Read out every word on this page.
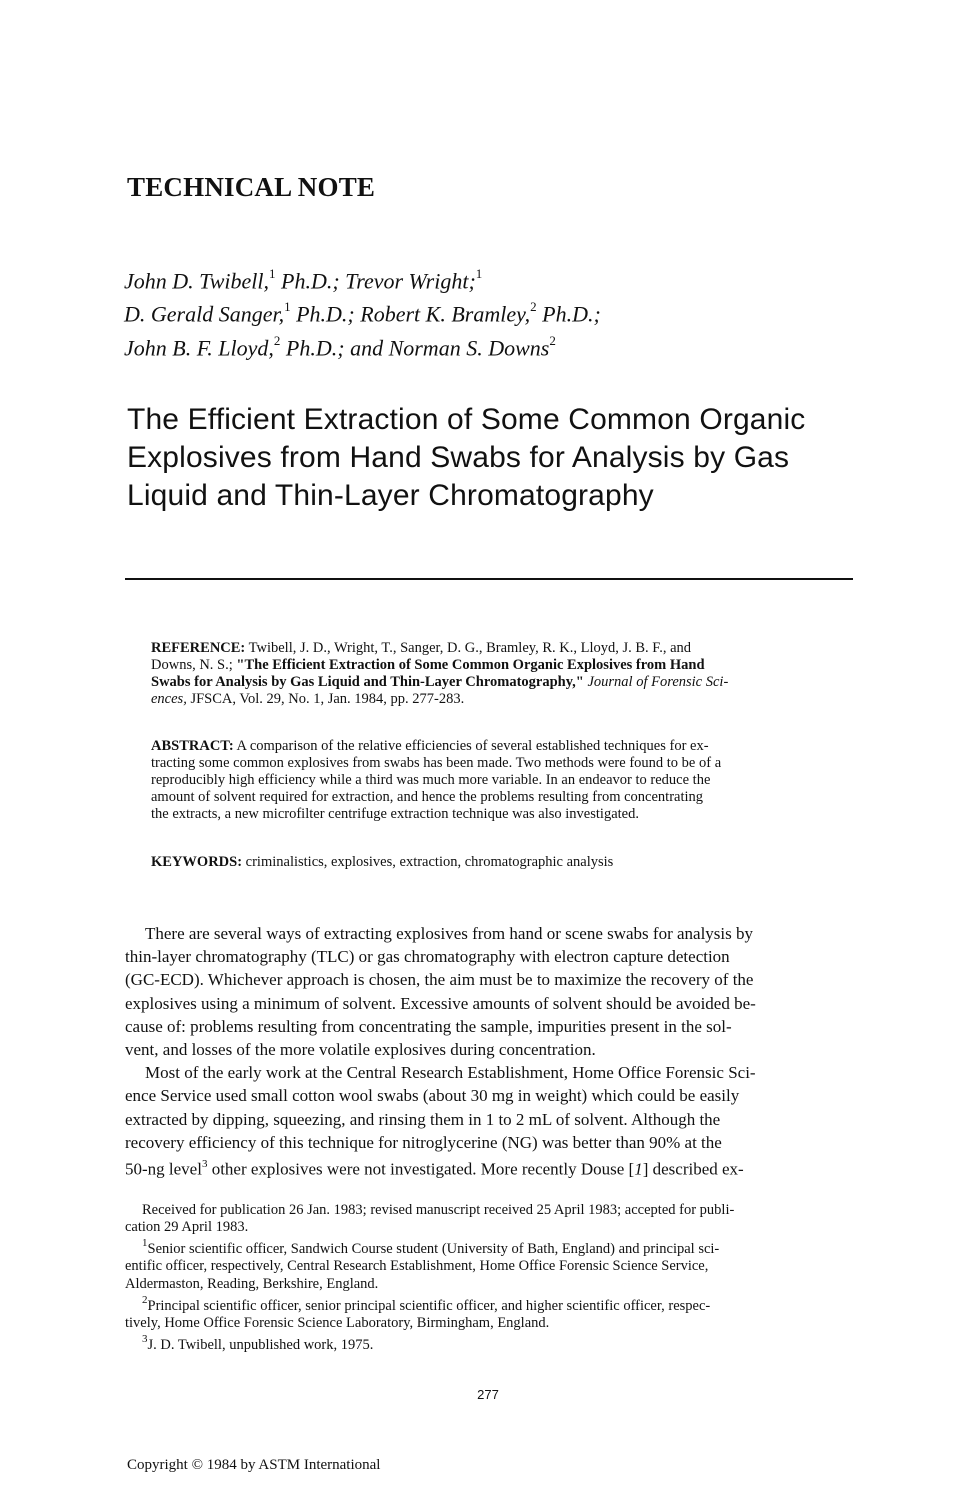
TECHNICAL NOTE
John D. Twibell,$^1$ Ph.D.; Trevor Wright;$^1$
D. Gerald Sanger,$^1$ Ph.D.; Robert K. Bramley,$^2$ Ph.D.;
John B. F. Lloyd,$^2$ Ph.D.; and Norman S. Downs$^2$
The Efficient Extraction of Some Common Organic
Explosives from Hand Swabs for Analysis by Gas
Liquid and Thin-Layer Chromatography
REFERENCE: Twibell, J. D., Wright, T., Sanger, D. G., Bramley, R. K., Lloyd, J. B. F., and
Downs, N. S.; "The Efficient Extraction of Some Common Organic Explosives from Hand
Swabs for Analysis by Gas Liquid and Thin-Layer Chromatography," Journal of Forensic Sci-
ences, JFSCA, Vol. 29, No. 1, Jan. 1984, pp. 277-283.
ABSTRACT: A comparison of the relative efficiencies of several established techniques for ex-
tracting some common explosives from swabs has been made. Two methods were found to be of a
reproducibly high efficiency while a third was much more variable. In an endeavor to reduce the
amount of solvent required for extraction, and hence the problems resulting from concentrating
the extracts, a new microfilter centrifuge extraction technique was also investigated.
KEYWORDS: criminalistics, explosives, extraction, chromatographic analysis
There are several ways of extracting explosives from hand or scene swabs for analysis by
thin-layer chromatography (TLC) or gas chromatography with electron capture detection
(GC-ECD). Whichever approach is chosen, the aim must be to maximize the recovery of the
explosives using a minimum of solvent. Excessive amounts of solvent should be avoided be-
cause of: problems resulting from concentrating the sample, impurities present in the sol-
vent, and losses of the more volatile explosives during concentration.
Most of the early work at the Central Research Establishment, Home Office Forensic Sci-
ence Service used small cotton wool swabs (about 30 mg in weight) which could be easily
extracted by dipping, squeezing, and rinsing them in 1 to 2 mL of solvent. Although the
recovery efficiency of this technique for nitroglycerine (NG) was better than 90% at the
50-ng level$^3$ other explosives were not investigated. More recently Douse [1] described ex-
Received for publication 26 Jan. 1983; revised manuscript received 25 April 1983; accepted for publi-
cation 29 April 1983.
$^1$Senior scientific officer, Sandwich Course student (University of Bath, England) and principal sci-
entific officer, respectively, Central Research Establishment, Home Office Forensic Science Service,
Aldermaston, Reading, Berkshire, England.
$^2$Principal scientific officer, senior principal scientific officer, and higher scientific officer, respec-
tively, Home Office Forensic Science Laboratory, Birmingham, England.
$^3$J. D. Twibell, unpublished work, 1975.
277
Copyright © 1984 by ASTM International
